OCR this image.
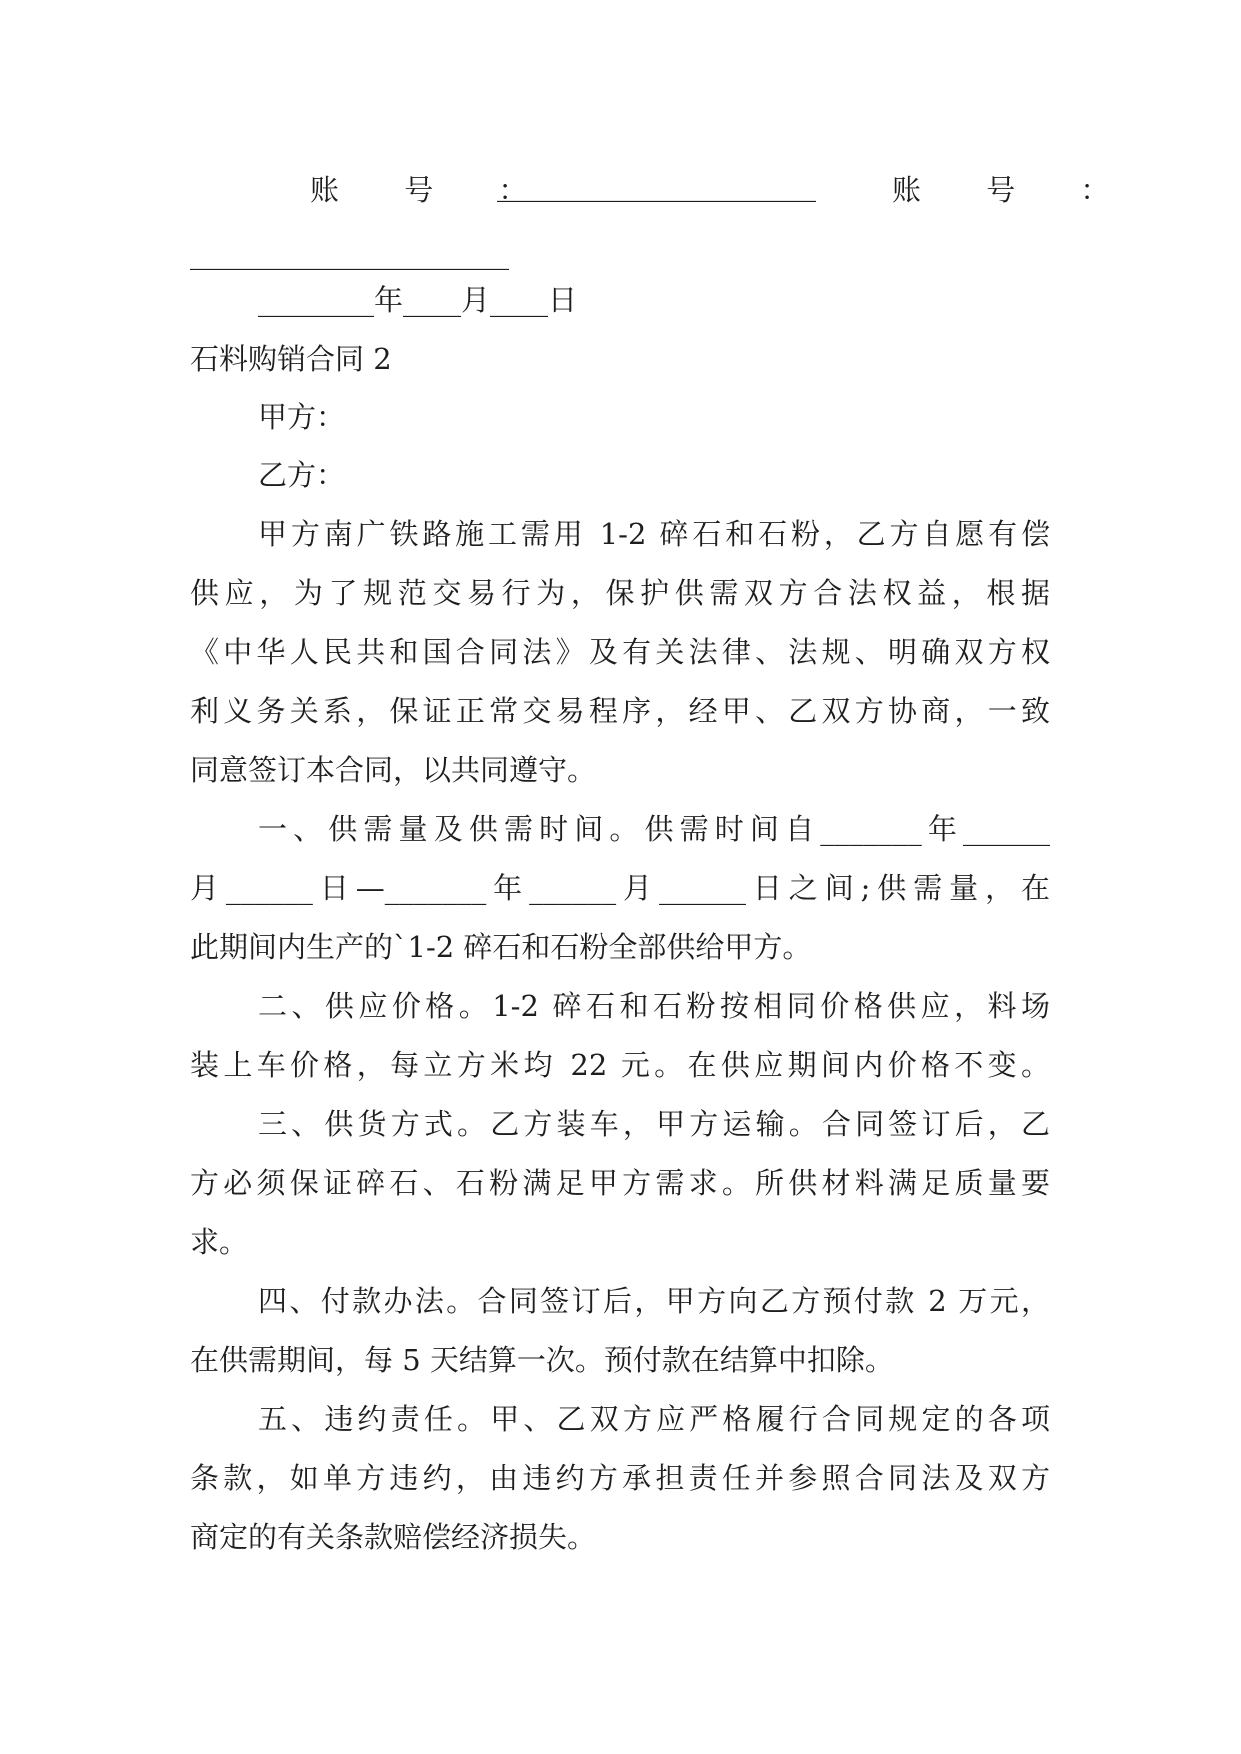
账 号 ：
______________________	账 号 ：
______________________
________年____月____日
石料购销合同 2
甲方：
乙方：
甲方南广铁路施工需用 1-2 碎石和石粉，乙方自愿有偿
供应，为了规范交易行为，保护供需双方合法权益，根据
《中华人民共和国合同法》及有关法律、法规、明确双方权
利义务关系，保证正常交易程序，经甲、乙双方协商，一致
同意签订本合同，以共同遵守。
一、供需量及供需时间。供需时间自_______年______
月______日—_______年______月______日之间;供需量，在
此期间内生产的`1-2 碎石和石粉全部供给甲方。
二、供应价格。1-2 碎石和石粉按相同价格供应，料场
装上车价格，每立方米均 22 元。在供应期间内价格不变。
三、供货方式。乙方装车，甲方运输。合同签订后，乙
方必须保证碎石、石粉满足甲方需求。所供材料满足质量要
求。
四、付款办法。合同签订后，甲方向乙方预付款 2 万元，
在供需期间，每 5 天结算一次。预付款在结算中扣除。
五、违约责任。甲、乙双方应严格履行合同规定的各项
条款，如单方违约，由违约方承担责任并参照合同法及双方
商定的有关条款赔偿经济损失。
